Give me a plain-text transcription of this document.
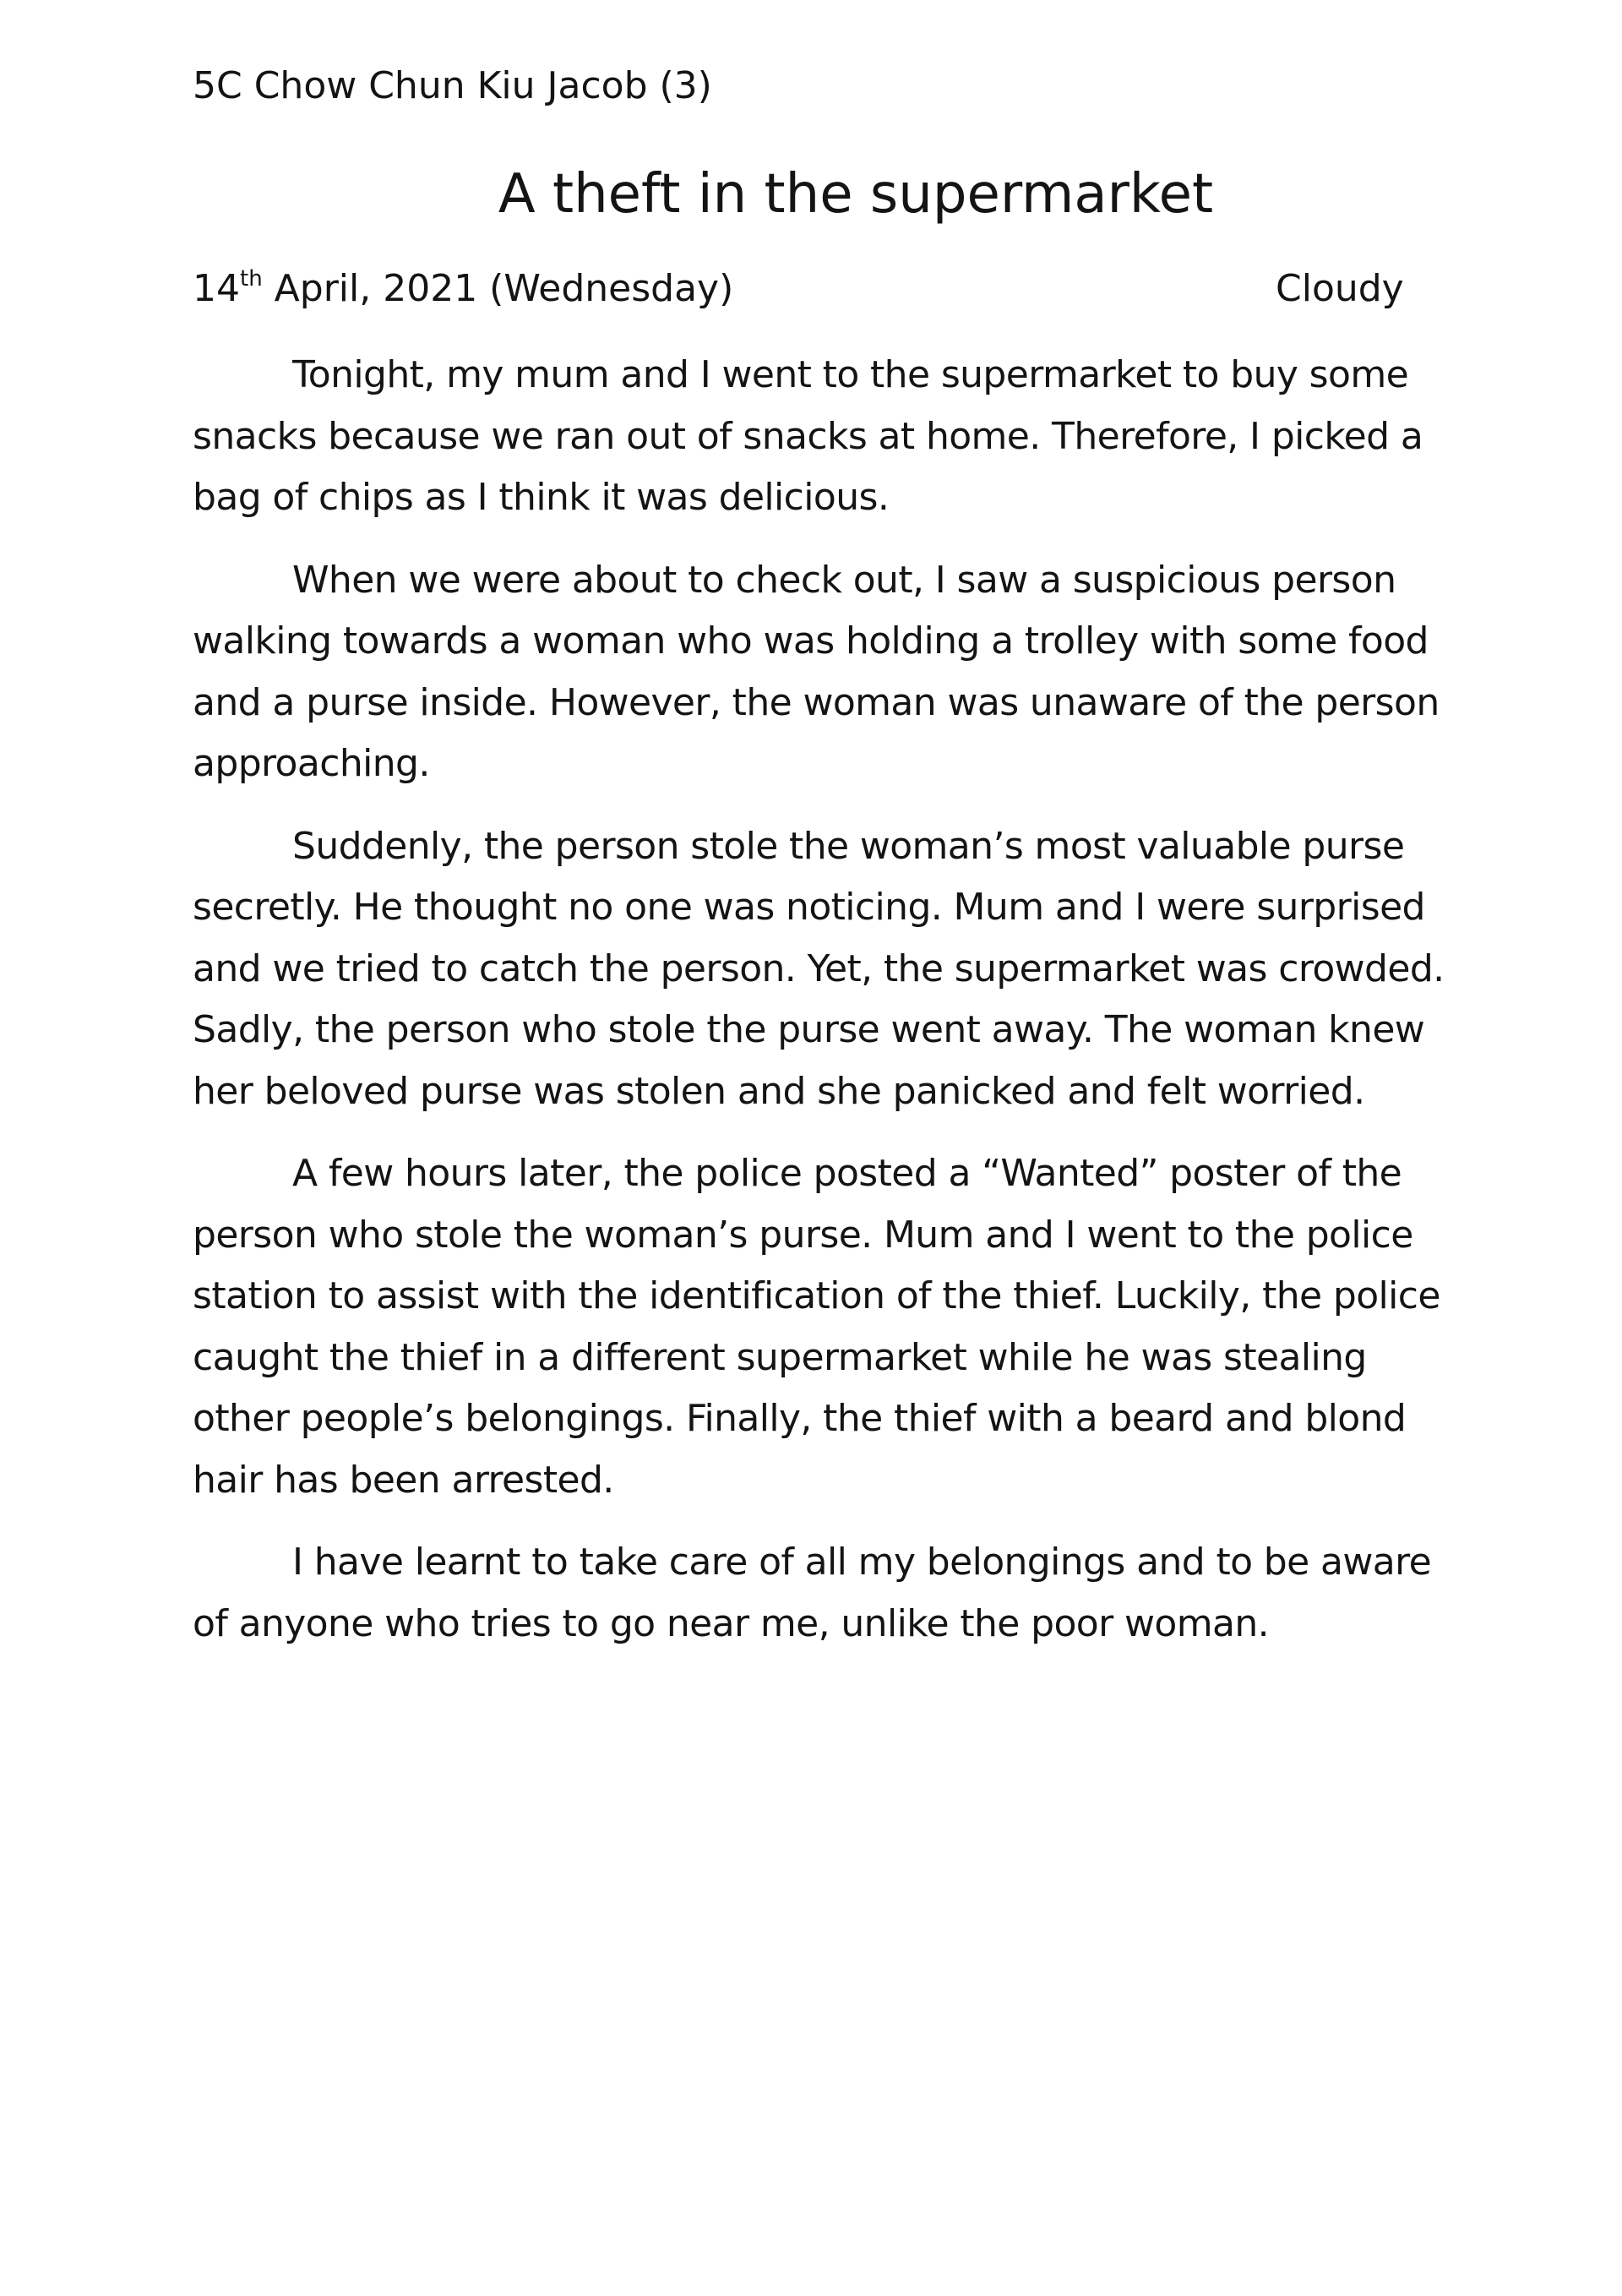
5C Chow Chun Kiu Jacob (3)
A theft in the supermarket
14th April, 2021 (Wednesday)	Cloudy

Tonight, my mum and I went to the supermarket to buy some snacks because we ran out of snacks at home. Therefore, I picked a bag of chips as I think it was delicious.

When we were about to check out, I saw a suspicious person walking towards a woman who was holding a trolley with some food and a purse inside. However, the woman was unaware of the person approaching.

Suddenly, the person stole the woman’s most valuable purse secretly. He thought no one was noticing. Mum and I were surprised and we tried to catch the person. Yet, the supermarket was crowded. Sadly, the person who stole the purse went away. The woman knew her beloved purse was stolen and she panicked and felt worried.

A few hours later, the police posted a “Wanted” poster of the person who stole the woman’s purse. Mum and I went to the police station to assist with the identification of the thief. Luckily, the police caught the thief in a different supermarket while he was stealing other people’s belongings. Finally, the thief with a beard and blond hair has been arrested.

I have learnt to take care of all my belongings and to be aware of anyone who tries to go near me, unlike the poor woman.
